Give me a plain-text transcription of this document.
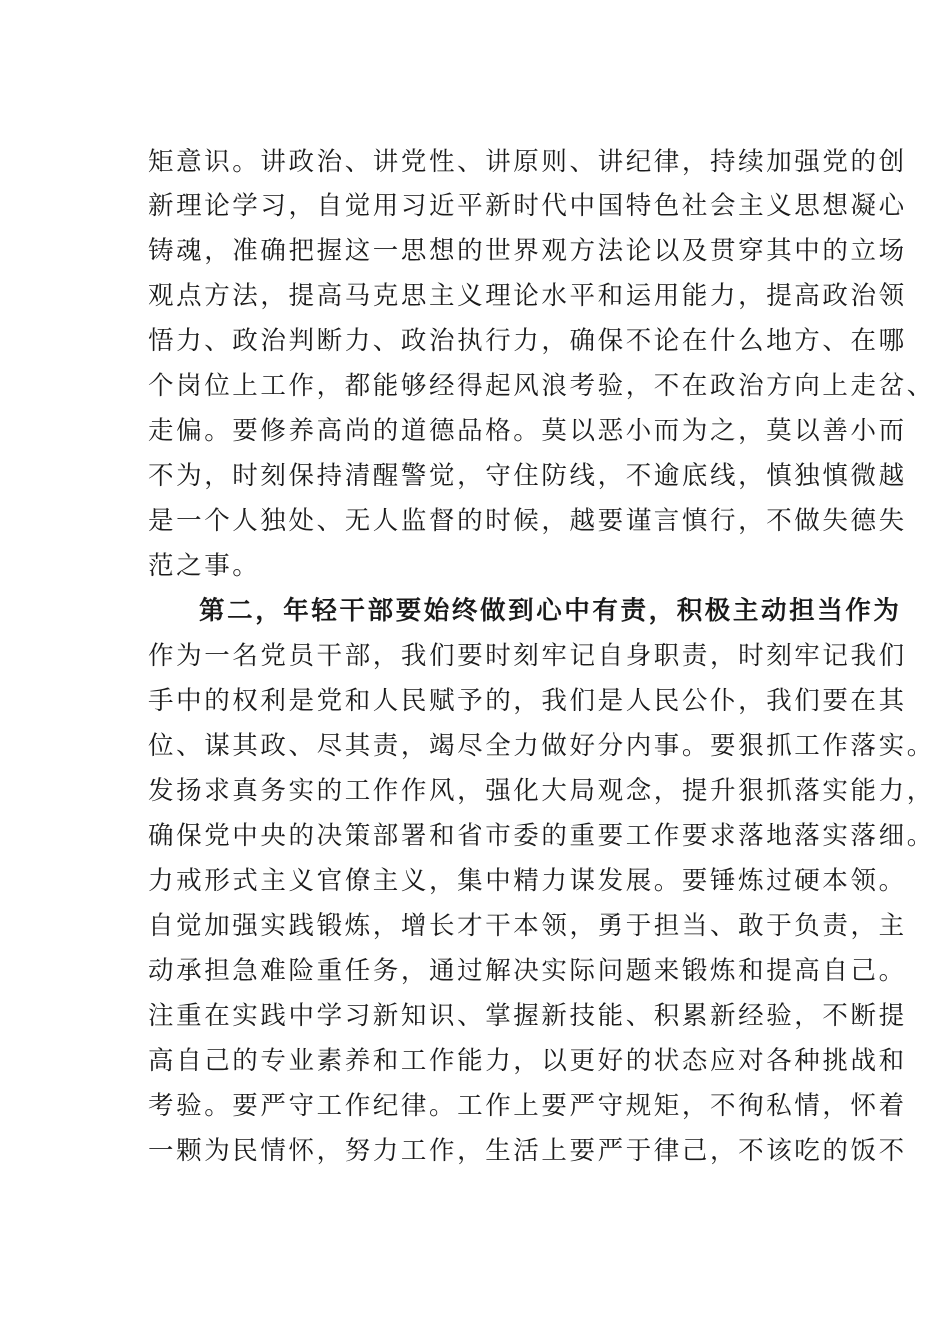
矩意识。讲政治、讲党性、讲原则、讲纪律，持续加强党的创
新理论学习，自觉用习近平新时代中国特色社会主义思想凝心
铸魂，准确把握这一思想的世界观方法论以及贯穿其中的立场
观点方法，提高马克思主义理论水平和运用能力，提高政治领
悟力、政治判断力、政治执行力，确保不论在什么地方、在哪
个岗位上工作，都能够经得起风浪考验，不在政治方向上走岔、
走偏。要修养高尚的道德品格。莫以恶小而为之，莫以善小而
不为，时刻保持清醒警觉，守住防线，不逾底线，慎独慎微越
是一个人独处、无人监督的时候，越要谨言慎行，不做失德失
范之事。
第二，年轻干部要始终做到心中有责，积极主动担当作为
作为一名党员干部，我们要时刻牢记自身职责，时刻牢记我们
手中的权利是党和人民赋予的，我们是人民公仆，我们要在其
位、谋其政、尽其责，竭尽全力做好分内事。要狠抓工作落实。
发扬求真务实的工作作风，强化大局观念，提升狠抓落实能力，
确保党中央的决策部署和省市委的重要工作要求落地落实落细。
力戒形式主义官僚主义，集中精力谋发展。要锤炼过硬本领。
自觉加强实践锻炼，增长才干本领，勇于担当、敢于负责，主
动承担急难险重任务，通过解决实际问题来锻炼和提高自己。
注重在实践中学习新知识、掌握新技能、积累新经验，不断提
高自己的专业素养和工作能力，以更好的状态应对各种挑战和
考验。要严守工作纪律。工作上要严守规矩，不徇私情，怀着
一颗为民情怀，努力工作，生活上要严于律己，不该吃的饭不
